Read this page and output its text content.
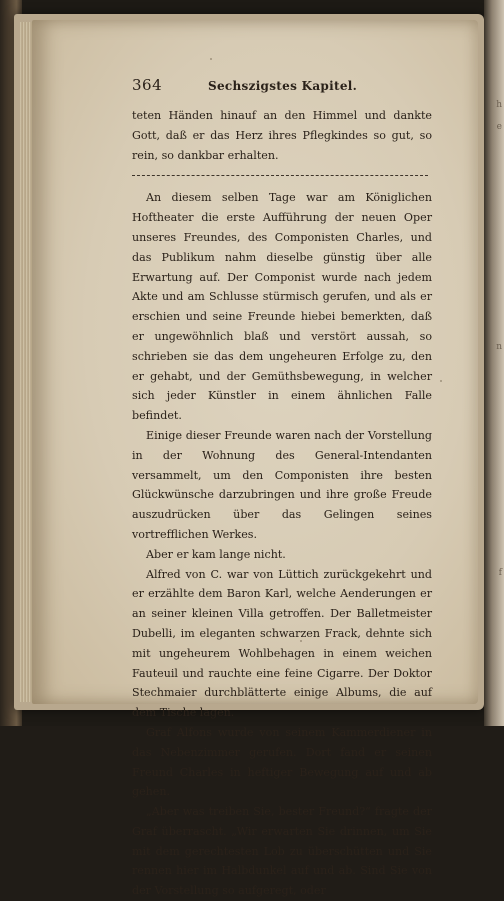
h
e
n
f
364	Sechszigstes Kapitel.

teten Händen hinauf an den Himmel und dankte Gott, daß er das Herz ihres Pflegkindes so gut, so rein, so dankbar erhalten.

An diesem selben Tage war am Königlichen Hoftheater die erste Aufführung der neuen Oper unseres Freundes, des Componisten Charles, und das Publikum nahm dieselbe günstig über alle Erwartung auf. Der Componist wurde nach jedem Akte und am Schlusse stürmisch gerufen, und als er erschien und seine Freunde hiebei bemerkten, daß er ungewöhnlich blaß und verstört aussah, so schrieben sie das dem ungeheuren Erfolge zu, den er gehabt, und der Gemüthsbewegung, in welcher sich jeder Künstler in einem ähnlichen Falle befindet.

Einige dieser Freunde waren nach der Vorstellung in der Wohnung des General-Intendanten versammelt, um den Componisten ihre besten Glückwünsche darzubringen und ihre große Freude auszudrücken über das Gelingen seines vortrefflichen Werkes.

Aber er kam lange nicht.

Alfred von C. war von Lüttich zurückgekehrt und er erzählte dem Baron Karl, welche Aenderungen er an seiner kleinen Villa getroffen. Der Balletmeister Dubelli, im eleganten schwarzen Frack, dehnte sich mit ungeheurem Wohlbehagen in einem weichen Fauteuil und rauchte eine feine Cigarre. Der Doktor Stechmaier durchblätterte einige Albums, die auf dem Tische lagen.

Graf Alfons wurde von seinem Kammerdiener in das Nebenzimmer gerufen. Dort fand er seinen Freund Charles in heftiger Bewegung auf und ab gehen.

„Aber was treiben Sie, bester Freund?“ fragte der Graf überrascht. „Wir erwarten Sie drinnen, um Sie mit dem gerechtesten Lob zu überschütten und Sie rennen hier im Halbdunkel auf und ab. Sind Sie von der Vorstellung so aufgeregt, oder
